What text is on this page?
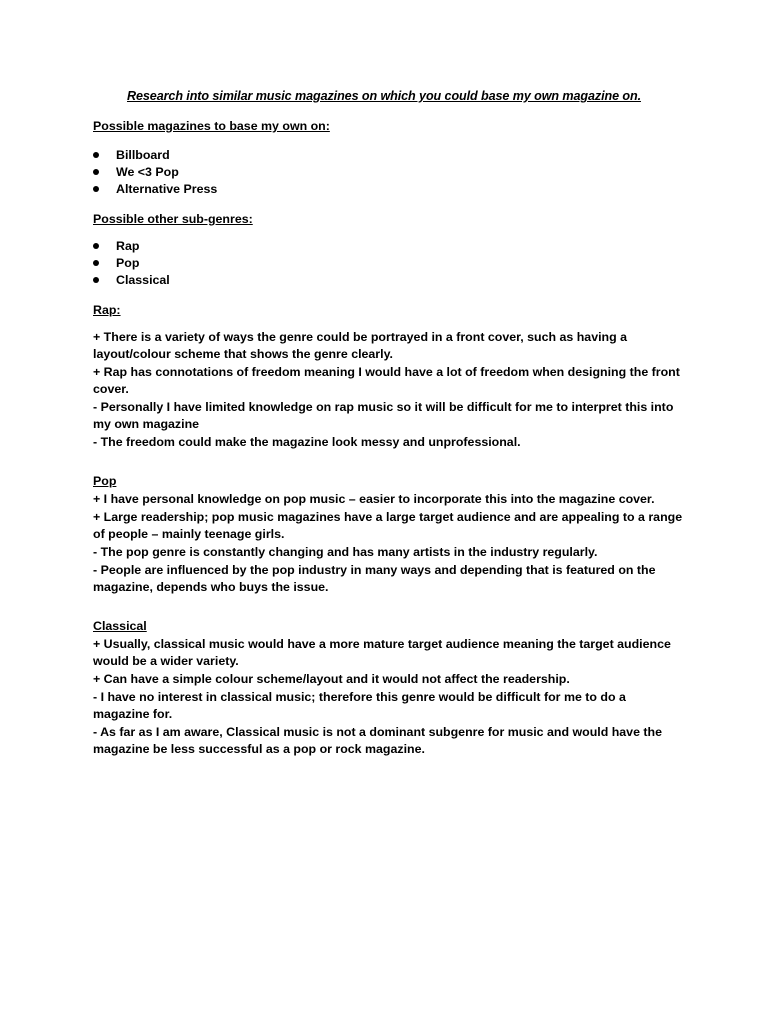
Research into similar music magazines on which you could base my own magazine on.
Possible magazines to base my own on:
Billboard
We <3 Pop
Alternative Press
Possible other sub-genres:
Rap
Pop
Classical
Rap:

+ There is a variety of ways the genre could be portrayed in a front cover, such as having a layout/colour scheme that shows the genre clearly.

+ Rap has connotations of freedom meaning I would have a lot of freedom when designing the front cover.

- Personally I have limited knowledge on rap music so it will be difficult for me to interpret this into my own magazine

- The freedom could make the magazine look messy and unprofessional.

Pop

+ I have personal knowledge on pop music – easier to incorporate this into the magazine cover.

+ Large readership; pop music magazines have a large target audience and are appealing to a range of people – mainly teenage girls.

- The pop genre is constantly changing and has many artists in the industry regularly.

- People are influenced by the pop industry in many ways and depending that is featured on the magazine, depends who buys the issue.

Classical

+ Usually, classical music would have a more mature target audience meaning the target audience would be a wider variety.

+ Can have a simple colour scheme/layout and it would not affect the readership.

- I have no interest in classical music; therefore this genre would be difficult for me to do a magazine for.

- As far as I am aware, Classical music is not a dominant subgenre for music and would have the magazine be less successful as a pop or rock magazine.
